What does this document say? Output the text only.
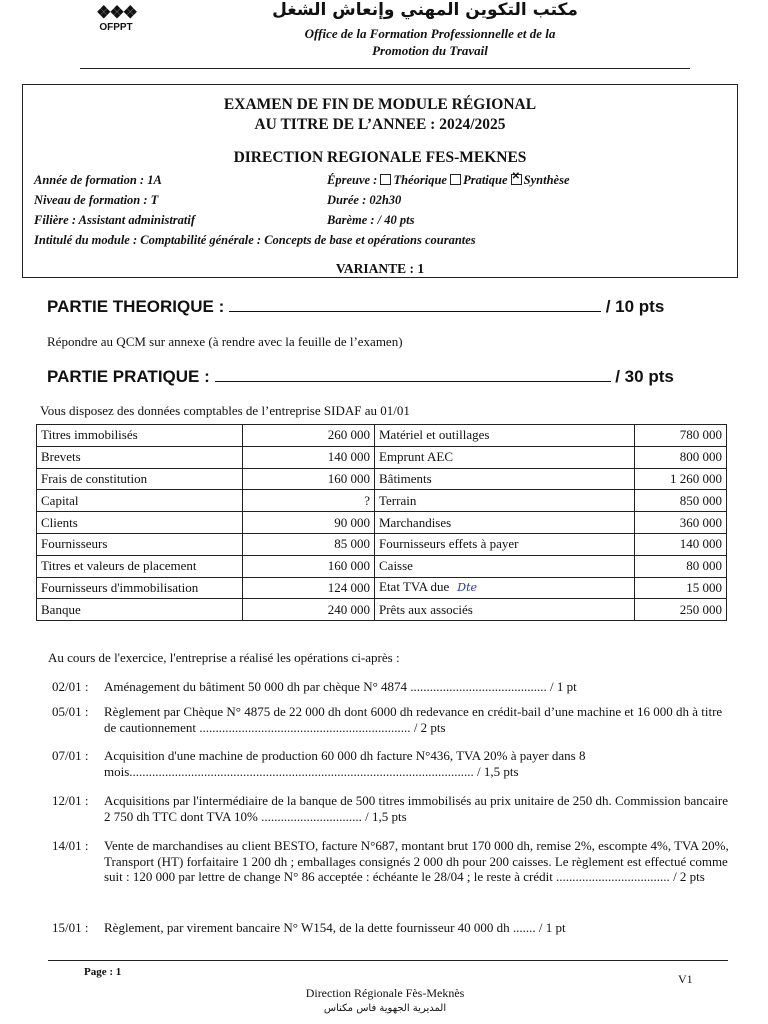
❖❖❖
OFPPT

مكتب التكوين المهني وإنعاش الشغل
Office de la Formation Professionnelle et de la
Promotion du Travail
EXAMEN DE FIN DE MODULE RÉGIONAL
AU TITRE DE L’ANNEE : 2024/2025
DIRECTION REGIONALE FES-MEKNES
Année de formation : 1A
Niveau de formation : T
Filière : Assistant administratif
Intitulé du module : Comptabilité générale : Concepts de base et opérations courantes
Épreuve : Théorique Pratique ✕ Synthèse
Durée : 02h30
Barème : / 40 pts
VARIANTE : 1
PARTIE THEORIQUE :	/ 10 pts
Répondre au QCM sur annexe (à rendre avec la feuille de l’examen)
PARTIE PRATIQUE :	/ 30 pts
Vous disposez des données comptables de l’entreprise SIDAF au 01/01
Titres immobilisés	260 000	Matériel et outillages	780 000
Brevets	140 000	Emprunt AEC	800 000
Frais de constitution	160 000	Bâtiments	1 260 000
Capital	?	Terrain	850 000
Clients	90 000	Marchandises	360 000
Fournisseurs	85 000	Fournisseurs effets à payer	140 000
Titres et valeurs de placement	160 000	Caisse	80 000
Fournisseurs d'immobilisation	124 000	Etat TVA due Dte	15 000
Banque	240 000	Prêts aux associés	250 000
Au cours de l'exercice, l'entreprise a réalisé les opérations ci-après :
02/01 :	Aménagement du bâtiment 50 000 dh par chèque N° 4874 .......................................... / 1 pt
05/01 :	Règlement par Chèque N° 4875 de 22 000 dh dont 6000 dh redevance en crédit-bail d’une machine et 16 000 dh à titre de cautionnement ................................................................. / 2 pts
07/01 :	Acquisition d'une machine de production 60 000 dh facture N°436, TVA 20% à payer dans 8 mois.......................................................................................................... / 1,5 pts
12/01 :	Acquisitions par l'intermédiaire de la banque de 500 titres immobilisés au prix unitaire de 250 dh. Commission bancaire 2 750 dh TTC dont TVA 10% ............................... / 1,5 pts
14/01 :	Vente de marchandises au client BESTO, facture N°687, montant brut 170 000 dh, remise 2%, escompte 4%, TVA 20%, Transport (HT) forfaitaire 1 200 dh ; emballages consignés 2 000 dh pour 200 caisses. Le règlement est effectué comme suit : 120 000 par lettre de change N° 86 acceptée : échéante le 28/04 ; le reste à crédit ................................... / 2 pts
15/01 :	Règlement, par virement bancaire N° W154, de la dette fournisseur 40 000 dh ....... / 1 pt
Page : 1	V1
Direction Régionale Fès-Meknès
المديرية الجهوية فاس مكناس
